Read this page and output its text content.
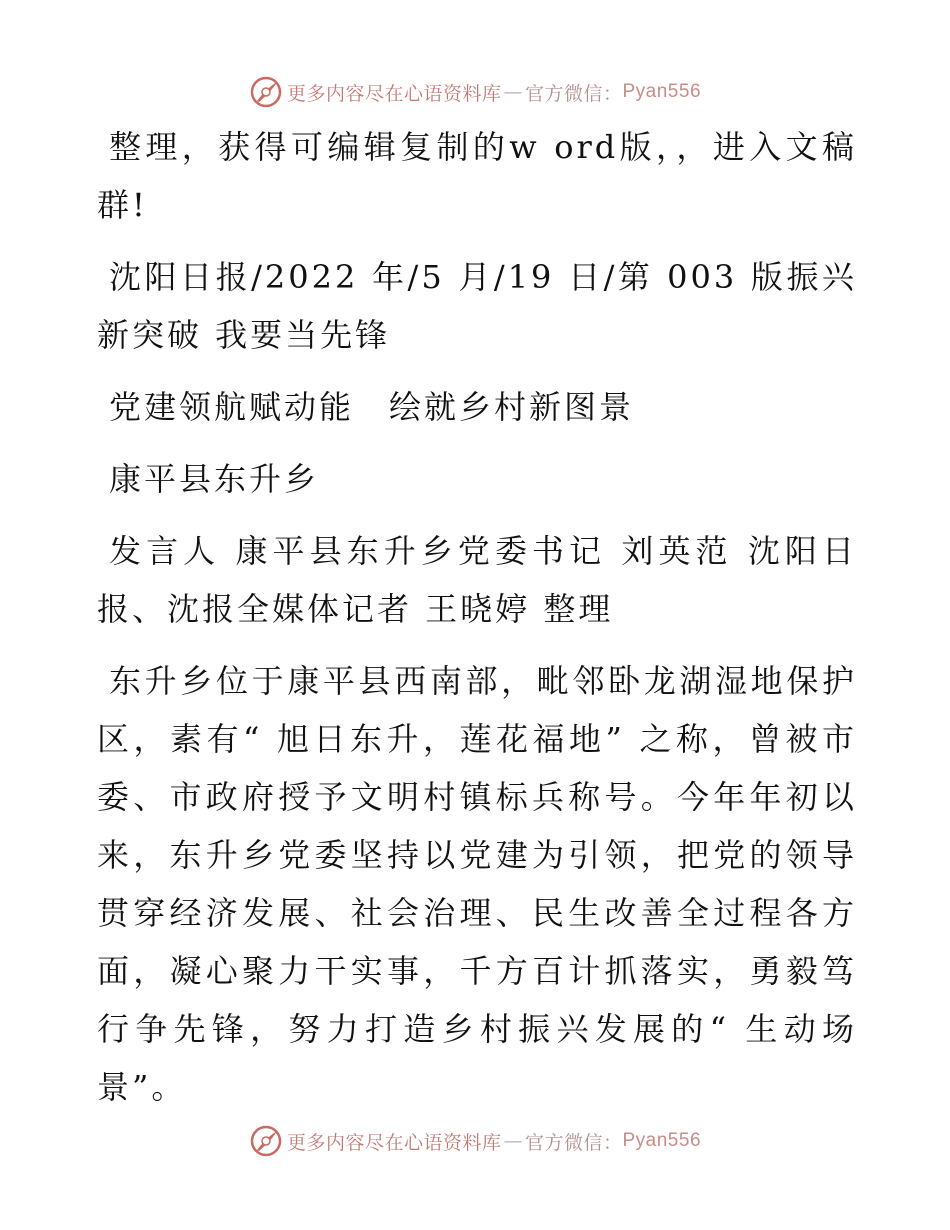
更多内容尽在心语资料库 — 官方微信： Pyan556

整理，获得可编辑复制的w ord版，，进入文稿群!

沈阳日报/2022 年/5 月/19 日/第 003 版振兴新突破 我要当先锋

党建领航赋动能　绘就乡村新图景

康平县东升乡

发言人 康平县东升乡党委书记 刘英范 沈阳日报、沈报全媒体记者 王晓婷 整理

东升乡位于康平县西南部，毗邻卧龙湖湿地保护区，素有“ 旭日东升，莲花福地” 之称，曾被市委、市政府授予文明村镇标兵称号。今年年初以来，东升乡党委坚持以党建为引领，把党的领导贯穿经济发展、社会治理、民生改善全过程各方面，凝心聚力干实事，千方百计抓落实，勇毅笃行争先锋，努力打造乡村振兴发展的“ 生动场景”。

更多内容尽在心语资料库 — 官方微信： Pyan556
